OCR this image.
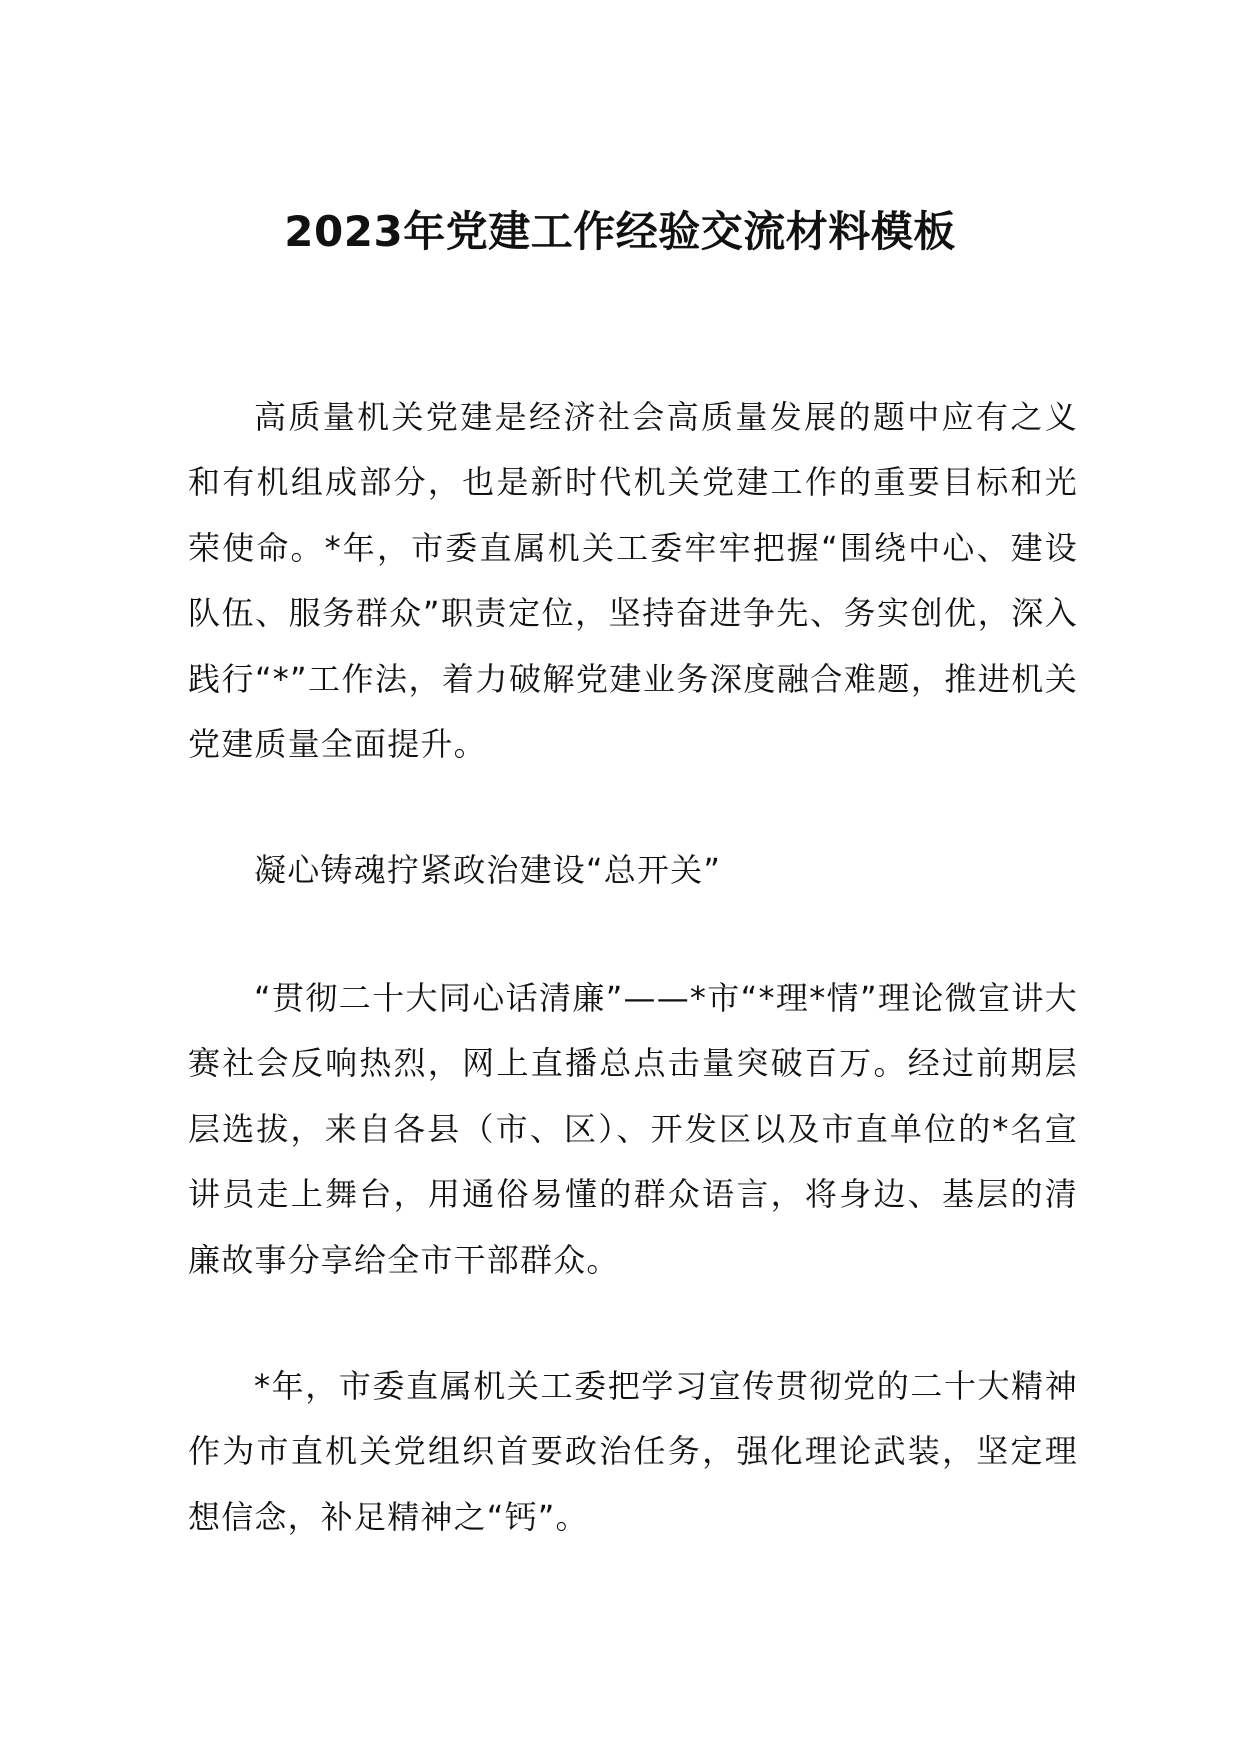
2023年党建工作经验交流材料模板

高质量机关党建是经济社会高质量发展的题中应有之义和有机组成部分，也是新时代机关党建工作的重要目标和光荣使命。*年，市委直属机关工委牢牢把握“围绕中心、建设队伍、服务群众”职责定位，坚持奋进争先、务实创优，深入践行“*”工作法，着力破解党建业务深度融合难题，推进机关党建质量全面提升。

凝心铸魂拧紧政治建设“总开关”

“贯彻二十大同心话清廉”——*市“*理*情”理论微宣讲大赛社会反响热烈，网上直播总点击量突破百万。经过前期层层选拔，来自各县（市、区）、开发区以及市直单位的*名宣讲员走上舞台，用通俗易懂的群众语言，将身边、基层的清廉故事分享给全市干部群众。

*年，市委直属机关工委把学习宣传贯彻党的二十大精神作为市直机关党组织首要政治任务，强化理论武装，坚定理想信念，补足精神之“钙”。
